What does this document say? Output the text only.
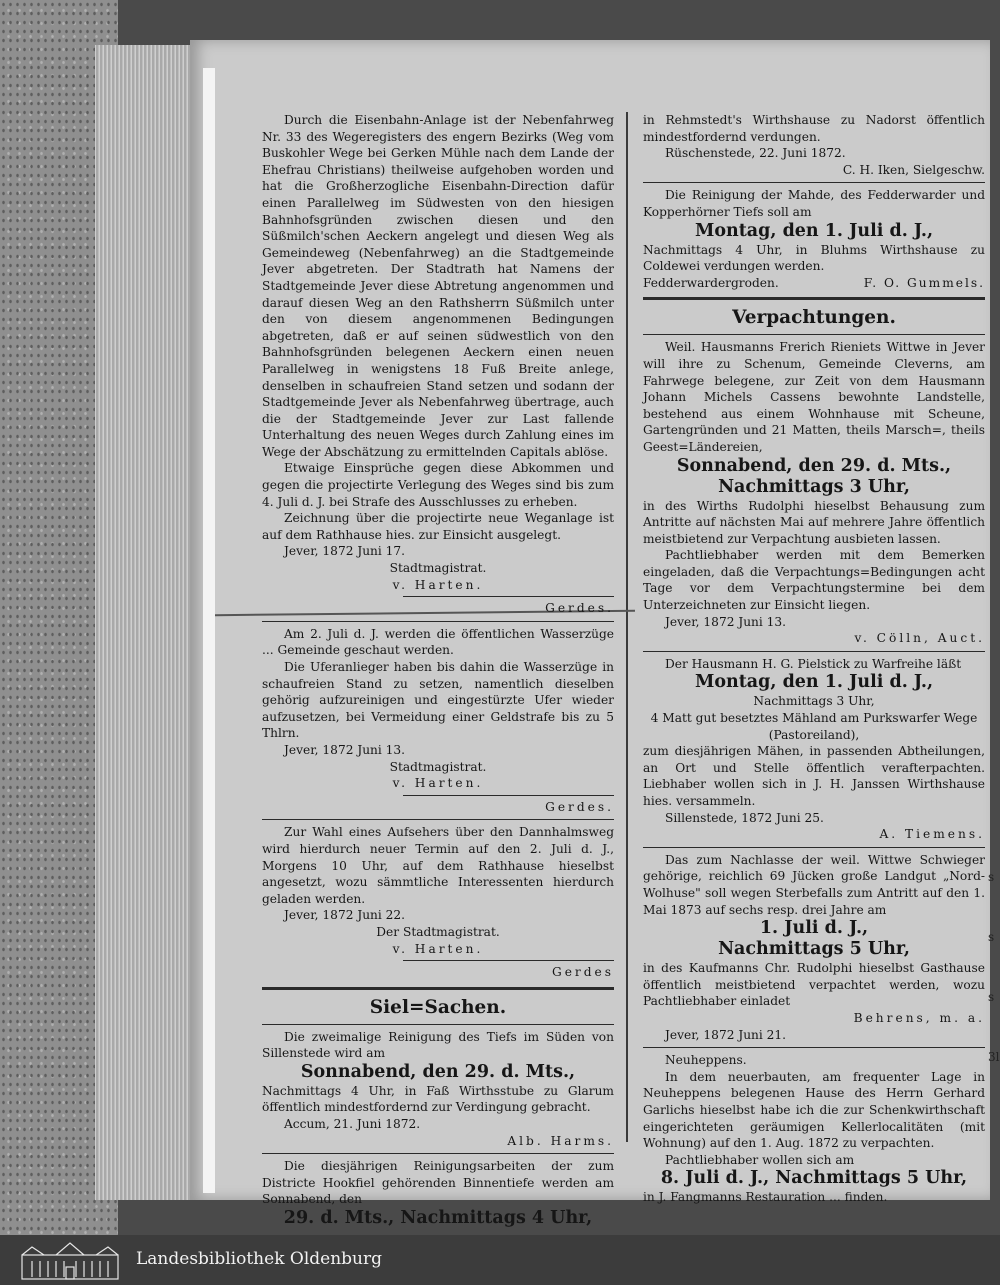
Durch die Eisenbahn-Anlage ist der Nebenfahrweg Nr. 33 des Wegeregisters des engern Bezirks (Weg vom Buskohler Wege bei Gerken Mühle nach dem Lande der Ehefrau Christians) theilweise aufgehoben worden und hat die Großherzogliche Eisenbahn-Direction dafür einen Parallelweg im Südwesten von den hiesigen Bahnhofsgründen zwischen diesen und den Süßmilch'schen Aeckern angelegt und diesen Weg als Gemeindeweg (Nebenfahrweg) an die Stadtgemeinde Jever abgetreten. Der Stadtrath hat Namens der Stadtgemeinde Jever diese Abtretung angenommen und darauf diesen Weg an den Rathsherrn Süßmilch unter den von diesem angenommenen Bedingungen abgetreten, daß er auf seinen südwestlich von den Bahnhofsgründen belegenen Aeckern einen neuen Parallelweg in wenigstens 18 Fuß Breite anlege, denselben in schaufreien Stand setzen und sodann der Stadtgemeinde Jever als Nebenfahrweg übertrage, auch die der Stadtgemeinde Jever zur Last fallende Unterhaltung des neuen Weges durch Zahlung eines im Wege der Abschätzung zu ermittelnden Capitals ablöse.

Etwaige Einsprüche gegen diese Abkommen und gegen die projectirte Verlegung des Weges sind bis zum 4. Juli d. J. bei Strafe des Ausschlusses zu erheben.

Zeichnung über die projectirte neue Weganlage ist auf dem Rathhause hies. zur Einsicht ausgelegt.

Jever, 1872 Juni 17.

Stadtmagistrat.

v. Harten.

Gerdes.

Am 2. Juli d. J. werden die öffentlichen Wasserzüge ... Gemeinde geschaut werden.

Die Uferanlieger haben bis dahin die Wasserzüge in schaufreien Stand zu setzen, namentlich dieselben gehörig aufzureinigen und eingestürzte Ufer wieder aufzusetzen, bei Vermeidung einer Geldstrafe bis zu 5 Thlrn.

Jever, 1872 Juni 13.

Stadtmagistrat.

v. Harten.

Gerdes.

Zur Wahl eines Aufsehers über den Dannhalmsweg wird hierdurch neuer Termin auf den 2. Juli d. J., Morgens 10 Uhr, auf dem Rathhause hieselbst angesetzt, wozu sämmtliche Interessenten hierdurch geladen werden.

Jever, 1872 Juni 22.

Der Stadtmagistrat.

v. Harten.

Gerdes

Siel=Sachen.

Die zweimalige Reinigung des Tiefs im Süden von Sillenstede wird am

Sonnabend, den 29. d. Mts.,

Nachmittags 4 Uhr, in Faß Wirthsstube zu Glarum öffentlich mindestfordernd zur Verdingung gebracht.

Accum, 21. Juni 1872.

Alb. Harms.

Die diesjährigen Reinigungsarbeiten der zum Districte Hookfiel gehörenden Binnentiefe werden am Sonnabend, den

29. d. Mts., Nachmittags 4 Uhr,

in Rehmstedt's Wirthshause zu Nadorst öffentlich mindestfordernd verdungen.

Rüschenstede, 22. Juni 1872.

C. H. Iken, Sielgeschw.

Die Reinigung der Mahde, des Fedderwarder und Kopperhörner Tiefs soll am

Montag, den 1. Juli d. J.,

Nachmittags 4 Uhr, in Bluhms Wirthshause zu Coldewei verdungen werden.

Fedderwardergroden.	F. O. Gummels.

Verpachtungen.

Weil. Hausmanns Frerich Rieniets Wittwe in Jever will ihre zu Schenum, Gemeinde Cleverns, am Fahrwege belegene, zur Zeit von dem Hausmann Johann Michels Cassens bewohnte Landstelle, bestehend aus einem Wohnhause mit Scheune, Gartengründen und 21 Matten, theils Marsch=, theils Geest=Ländereien,

Sonnabend, den 29. d. Mts.,

Nachmittags 3 Uhr,

in des Wirths Rudolphi hieselbst Behausung zum Antritte auf nächsten Mai auf mehrere Jahre öffentlich meistbietend zur Verpachtung ausbieten lassen.

Pachtliebhaber werden mit dem Bemerken eingeladen, daß die Verpachtungs=Bedingungen acht Tage vor dem Verpachtungstermine bei dem Unterzeichneten zur Einsicht liegen.

Jever, 1872 Juni 13.

v. Cölln, Auct.

Der Hausmann H. G. Pielstick zu Warfreihe läßt

Montag, den 1. Juli d. J.,

Nachmittags 3 Uhr,

4 Matt gut besetztes Mähland am Purkswarfer Wege (Pastoreiland),

zum diesjährigen Mähen, in passenden Abtheilungen, an Ort und Stelle öffentlich verafterpachten. Liebhaber wollen sich in J. H. Janssen Wirthshause hies. versammeln.

Sillenstede, 1872 Juni 25.

A. Tiemens.

Das zum Nachlasse der weil. Wittwe Schwieger gehörige, reichlich 69 Jücken große Landgut „Nord-Wolhuse" soll wegen Sterbefalls zum Antritt auf den 1. Mai 1873 auf sechs resp. drei Jahre am

1. Juli d. J.,

Nachmittags 5 Uhr,

in des Kaufmanns Chr. Rudolphi hieselbst Gasthause öffentlich meistbietend verpachtet werden, wozu Pachtliebhaber einladet

Behrens, m. a.

Jever, 1872 Juni 21.

Neuheppens.

In dem neuerbauten, am frequenter Lage in Neuheppens belegenen Hause des Herrn Gerhard Garlichs hieselbst habe ich die zur Schenkwirthschaft eingerichteten geräumigen Kellerlocalitäten (mit Wohnung) auf den 1. Aug. 1872 zu verpachten.

Pachtliebhaber wollen sich am

8. Juli d. J., Nachmittags 5 Uhr,

in J. Fangmanns Restauration ... finden.

s
s
s
3l
Landesbibliothek Oldenburg
